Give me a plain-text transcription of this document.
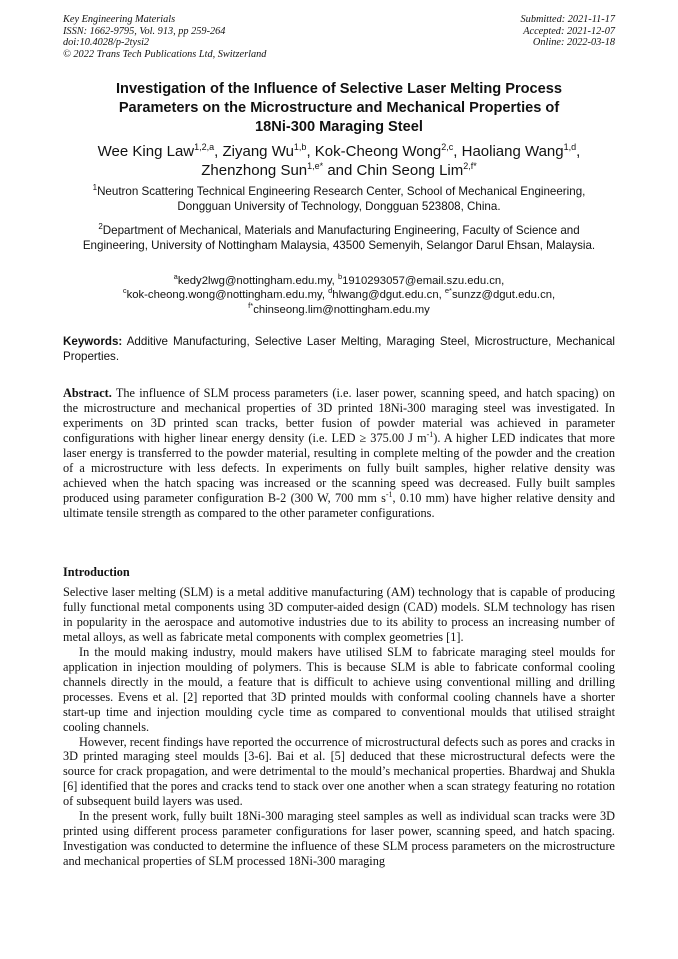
Key Engineering Materials
ISSN: 1662-9795, Vol. 913, pp 259-264
doi:10.4028/p-2tysi2
© 2022 Trans Tech Publications Ltd, Switzerland
Submitted: 2021-11-17
Accepted: 2021-12-07
Online: 2022-03-18
Investigation of the Influence of Selective Laser Melting Process
Parameters on the Microstructure and Mechanical Properties of
18Ni-300 Maraging Steel
Wee King Law$^{1,2,a}$, Ziyang Wu$^{1,b}$, Kok-Cheong Wong$^{2,c}$, Haoliang Wang$^{1,d}$,
Zhenzhong Sun$^{1,e*}$ and Chin Seong Lim$^{2,f*}$
$^1$Neutron Scattering Technical Engineering Research Center, School of Mechanical Engineering, Dongguan University of Technology, Dongguan 523808, China.
$^2$Department of Mechanical, Materials and Manufacturing Engineering, Faculty of Science and Engineering, University of Nottingham Malaysia, 43500 Semenyih, Selangor Darul Ehsan, Malaysia.
$^a$kedy2lwg@nottingham.edu.my, $^b$1910293057@email.szu.edu.cn,
$^c$kok-cheong.wong@nottingham.edu.my, $^d$hlwang@dgut.edu.cn, $^{e*}$sunzz@dgut.edu.cn,
$^{f*}$chinseong.lim@nottingham.edu.my
Keywords: Additive Manufacturing, Selective Laser Melting, Maraging Steel, Microstructure, Mechanical Properties.
Abstract. The influence of SLM process parameters (i.e. laser power, scanning speed, and hatch spacing) on the microstructure and mechanical properties of 3D printed 18Ni-300 maraging steel was investigated. In experiments on 3D printed scan tracks, better fusion of powder material was achieved in parameter configurations with higher linear energy density (i.e. LED ≥ 375.00 J $m^{-1}$). A higher LED indicates that more laser energy is transferred to the powder material, resulting in complete melting of the powder and the creation of a microstructure with less defects. In experiments on fully built samples, higher relative density was achieved when the hatch spacing was increased or the scanning speed was decreased. Fully built samples produced using parameter configuration B-2 (300 W, 700 mm $s^{-1}$, 0.10 mm) have higher relative density and ultimate tensile strength as compared to the other parameter configurations.
Introduction

Selective laser melting (SLM) is a metal additive manufacturing (AM) technology that is capable of producing fully functional metal components using 3D computer-aided design (CAD) models. SLM technology has risen in popularity in the aerospace and automotive industries due to its ability to process an increasing number of metal alloys, as well as fabricate metal components with complex geometries [1].

In the mould making industry, mould makers have utilised SLM to fabricate maraging steel moulds for application in injection moulding of polymers. This is because SLM is able to fabricate conformal cooling channels directly in the mould, a feature that is difficult to achieve using conventional milling and drilling processes. Evens et al. [2] reported that 3D printed moulds with conformal cooling channels have a shorter start-up time and injection moulding cycle time as compared to conventional moulds that utilised straight cooling channels.

However, recent findings have reported the occurrence of microstructural defects such as pores and cracks in 3D printed maraging steel moulds [3-6]. Bai et al. [5] deduced that these microstructural defects were the source for crack propagation, and were detrimental to the mould’s mechanical properties. Bhardwaj and Shukla [6] identified that the pores and cracks tend to stack over one another when a scan strategy featuring no rotation of subsequent build layers was used.

In the present work, fully built 18Ni-300 maraging steel samples as well as individual scan tracks were 3D printed using different process parameter configurations for laser power, scanning speed, and hatch spacing. Investigation was conducted to determine the influence of these SLM process parameters on the microstructure and mechanical properties of SLM processed 18Ni-300 maraging
